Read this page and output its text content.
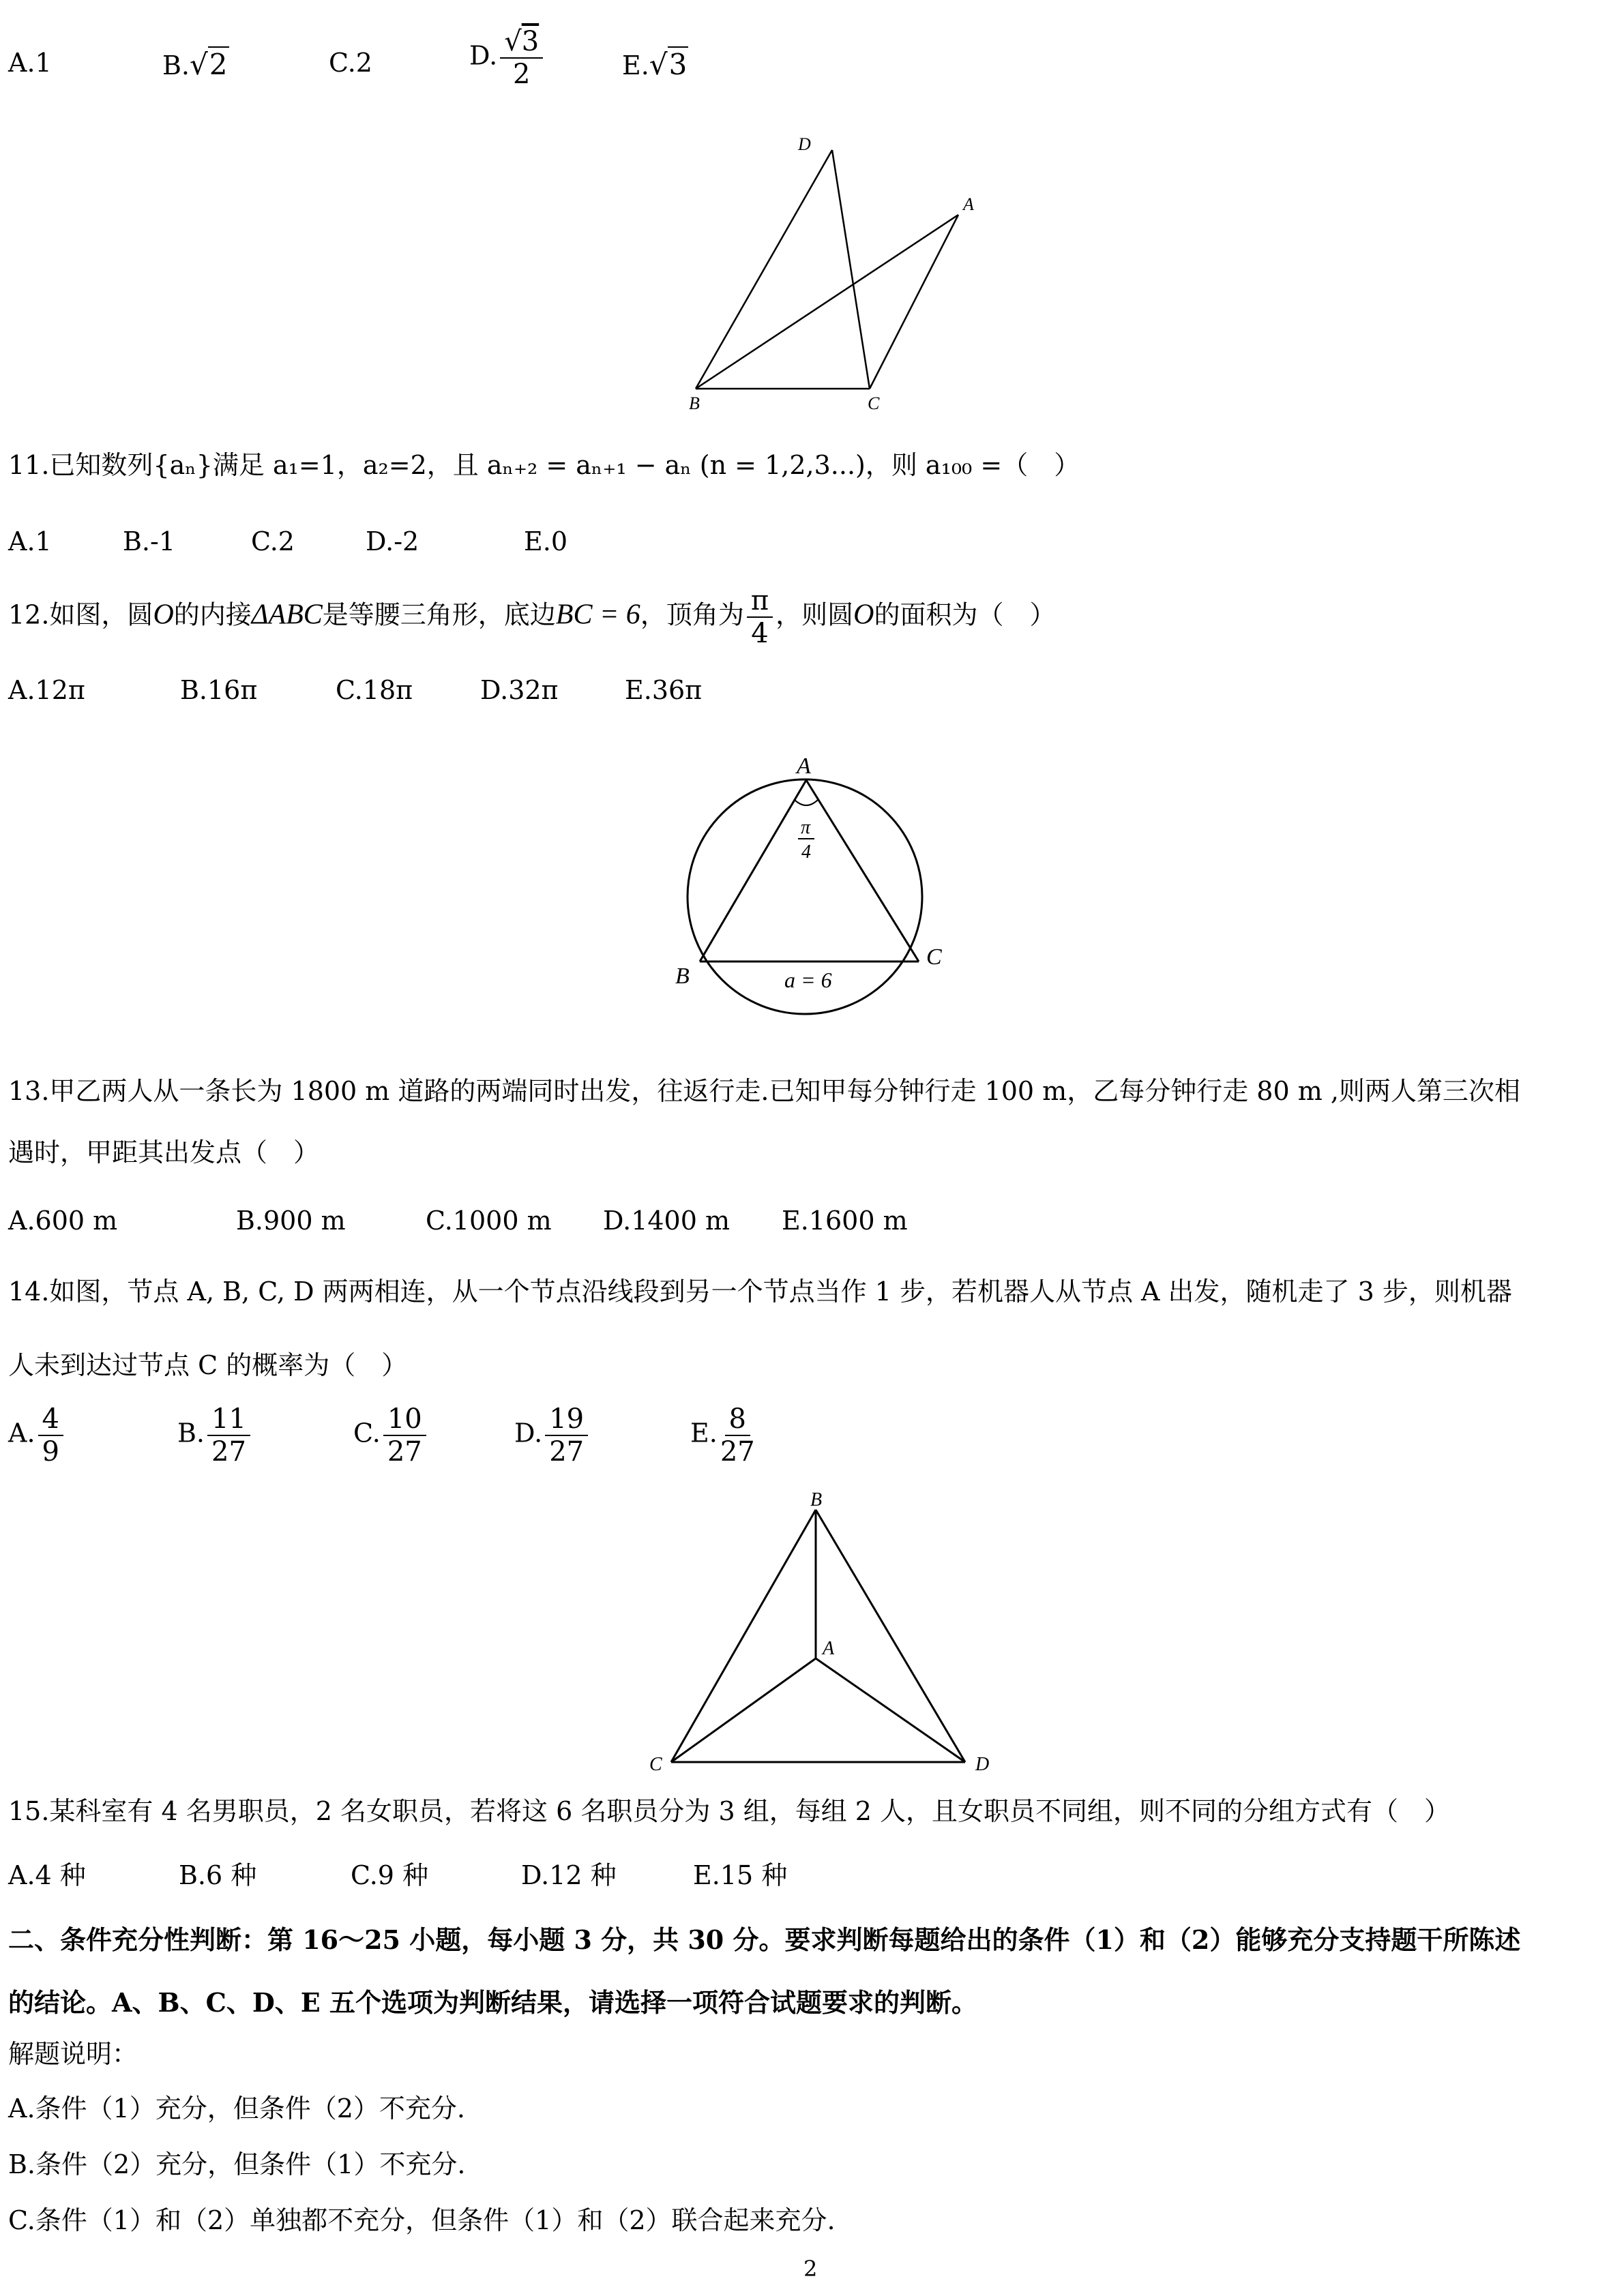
A.1	B.√2	C.2	D. $\frac{√3}{2}$	E.√3
D
A
B	C
11.已知数列{aₙ}满足 a₁=1，a₂=2，且 aₙ₊₂ = aₙ₊₁ − aₙ (n = 1,2,3...)，则 a₁₀₀ =（　）
A.1	B.-1	C.2	D.-2	E.0
12.如图，圆O的内接ΔABC是等腰三角形，底边BC = 6，顶角为 $\frac{\pi}{4}$ ，则圆O的面积为（　）
A.12π	B.16π	C.18π	D.32π	E.36π
A
π
4
B
C
a = 6
13.甲乙两人从一条长为 1800 m 道路的两端同时出发，往返行走.已知甲每分钟行走 100 m，乙每分钟行走 80 m ,则两人第三次相
遇时，甲距其出发点（　）
A.600 m	B.900 m	C.1000 m D.1400 m E.1600 m
14.如图，节点 A, B, C, D 两两相连，从一个节点沿线段到另一个节点当作 1 步，若机器人从节点 A 出发，随机走了 3 步，则机器
人未到达过节点 C 的概率为（　）
A. $\frac{4}{9}$	B. $\frac{11}{27}$	C. $\frac{10}{27}$	D. $\frac{19}{27}$	E. $\frac{8}{27}$
B
A
C	D
15.某科室有 4 名男职员，2 名女职员，若将这 6 名职员分为 3 组，每组 2 人，且女职员不同组，则不同的分组方式有（　）
A.4 种	B.6 种	C.9 种	D.12 种	E.15 种
二、条件充分性判断：第 16～25 小题，每小题 3 分，共 30 分。要求判断每题给出的条件（1）和（2）能够充分支持题干所陈述
的结论。A、B、C、D、E 五个选项为判断结果，请选择一项符合试题要求的判断。
解题说明：
A.条件（1）充分，但条件（2）不充分.
B.条件（2）充分，但条件（1）不充分.
C.条件（1）和（2）单独都不充分，但条件（1）和（2）联合起来充分.
2
